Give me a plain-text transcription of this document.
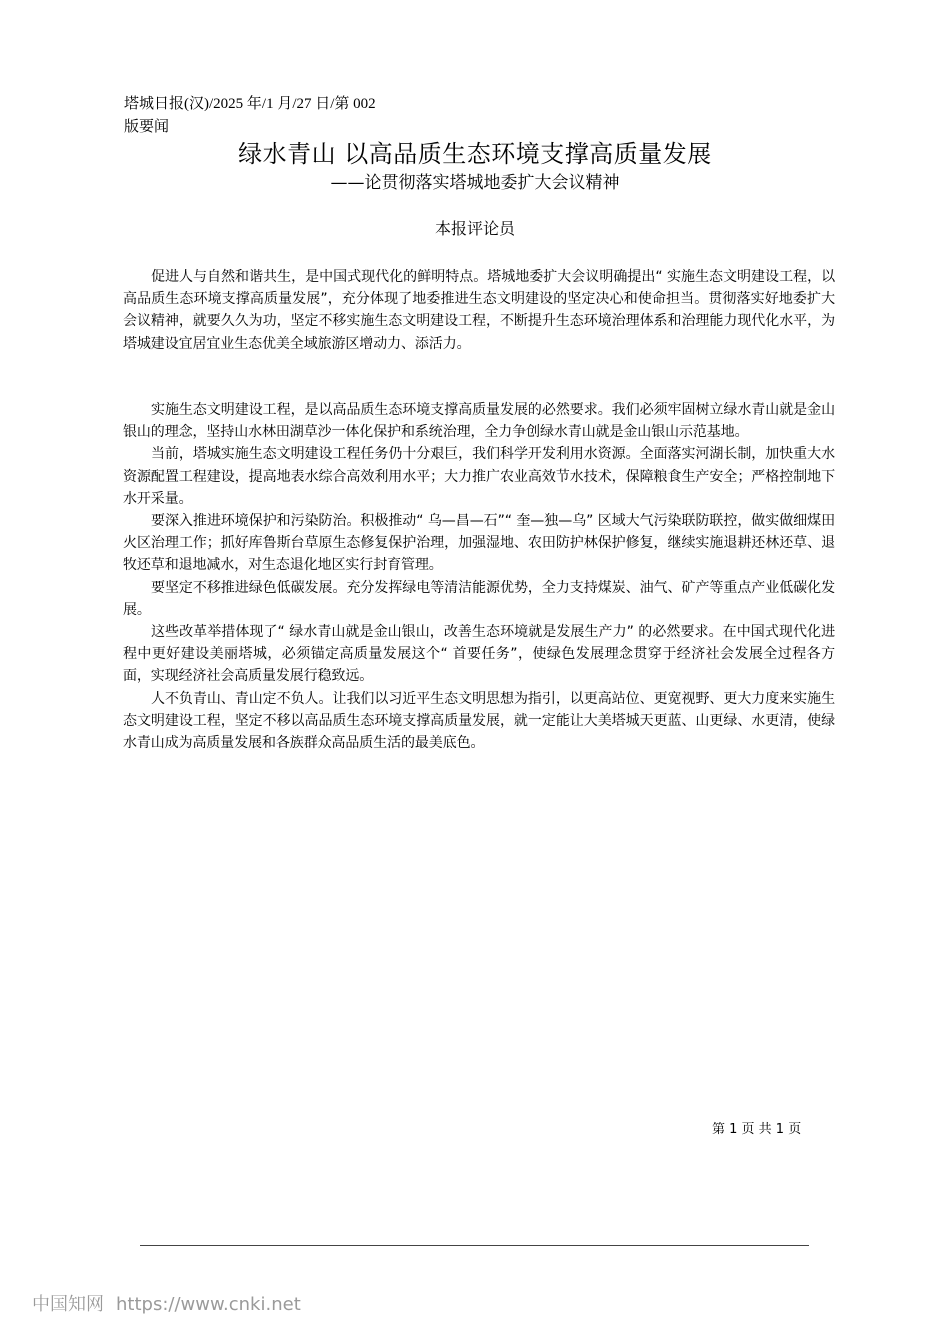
塔城日报(汉)/2025 年/1 月/27 日/第 002
版要闻
绿水青山 以高品质生态环境支撑高质量发展
——论贯彻落实塔城地委扩大会议精神
本报评论员

促进人与自然和谐共生，是中国式现代化的鲜明特点。塔城地委扩大会议明确提出“ 实施生态文明建设工程，以高品质生态环境支撑高质量发展”，充分体现了地委推进生态文明建设的坚定决心和使命担当。贯彻落实好地委扩大会议精神，就要久久为功，坚定不移实施生态文明建设工程，不断提升生态环境治理体系和治理能力现代化水平，为塔城建设宜居宜业生态优美全域旅游区增动力、添活力。

实施生态文明建设工程，是以高品质生态环境支撑高质量发展的必然要求。我们必须牢固树立绿水青山就是金山银山的理念，坚持山水林田湖草沙一体化保护和系统治理，全力争创绿水青山就是金山银山示范基地。

当前，塔城实施生态文明建设工程任务仍十分艰巨，我们科学开发利用水资源。全面落实河湖长制，加快重大水资源配置工程建设，提高地表水综合高效利用水平；大力推广农业高效节水技术，保障粮食生产安全；严格控制地下水开采量。

要深入推进环境保护和污染防治。积极推动“ 乌—昌—石”“ 奎—独—乌” 区域大气污染联防联控，做实做细煤田火区治理工作；抓好库鲁斯台草原生态修复保护治理，加强湿地、农田防护林保护修复，继续实施退耕还林还草、退牧还草和退地减水，对生态退化地区实行封育管理。

要坚定不移推进绿色低碳发展。充分发挥绿电等清洁能源优势，全力支持煤炭、油气、矿产等重点产业低碳化发展。

这些改革举措体现了“ 绿水青山就是金山银山，改善生态环境就是发展生产力” 的必然要求。在中国式现代化进程中更好建设美丽塔城，必须锚定高质量发展这个“ 首要任务”，使绿色发展理念贯穿于经济社会发展全过程各方面，实现经济社会高质量发展行稳致远。

人不负青山、青山定不负人。让我们以习近平生态文明思想为指引，以更高站位、更宽视野、更大力度来实施生态文明建设工程，坚定不移以高品质生态环境支撑高质量发展，就一定能让大美塔城天更蓝、山更绿、水更清，使绿水青山成为高质量发展和各族群众高品质生活的最美底色。

第 1 页 共 1 页
中国知网 https://www.cnki.net
